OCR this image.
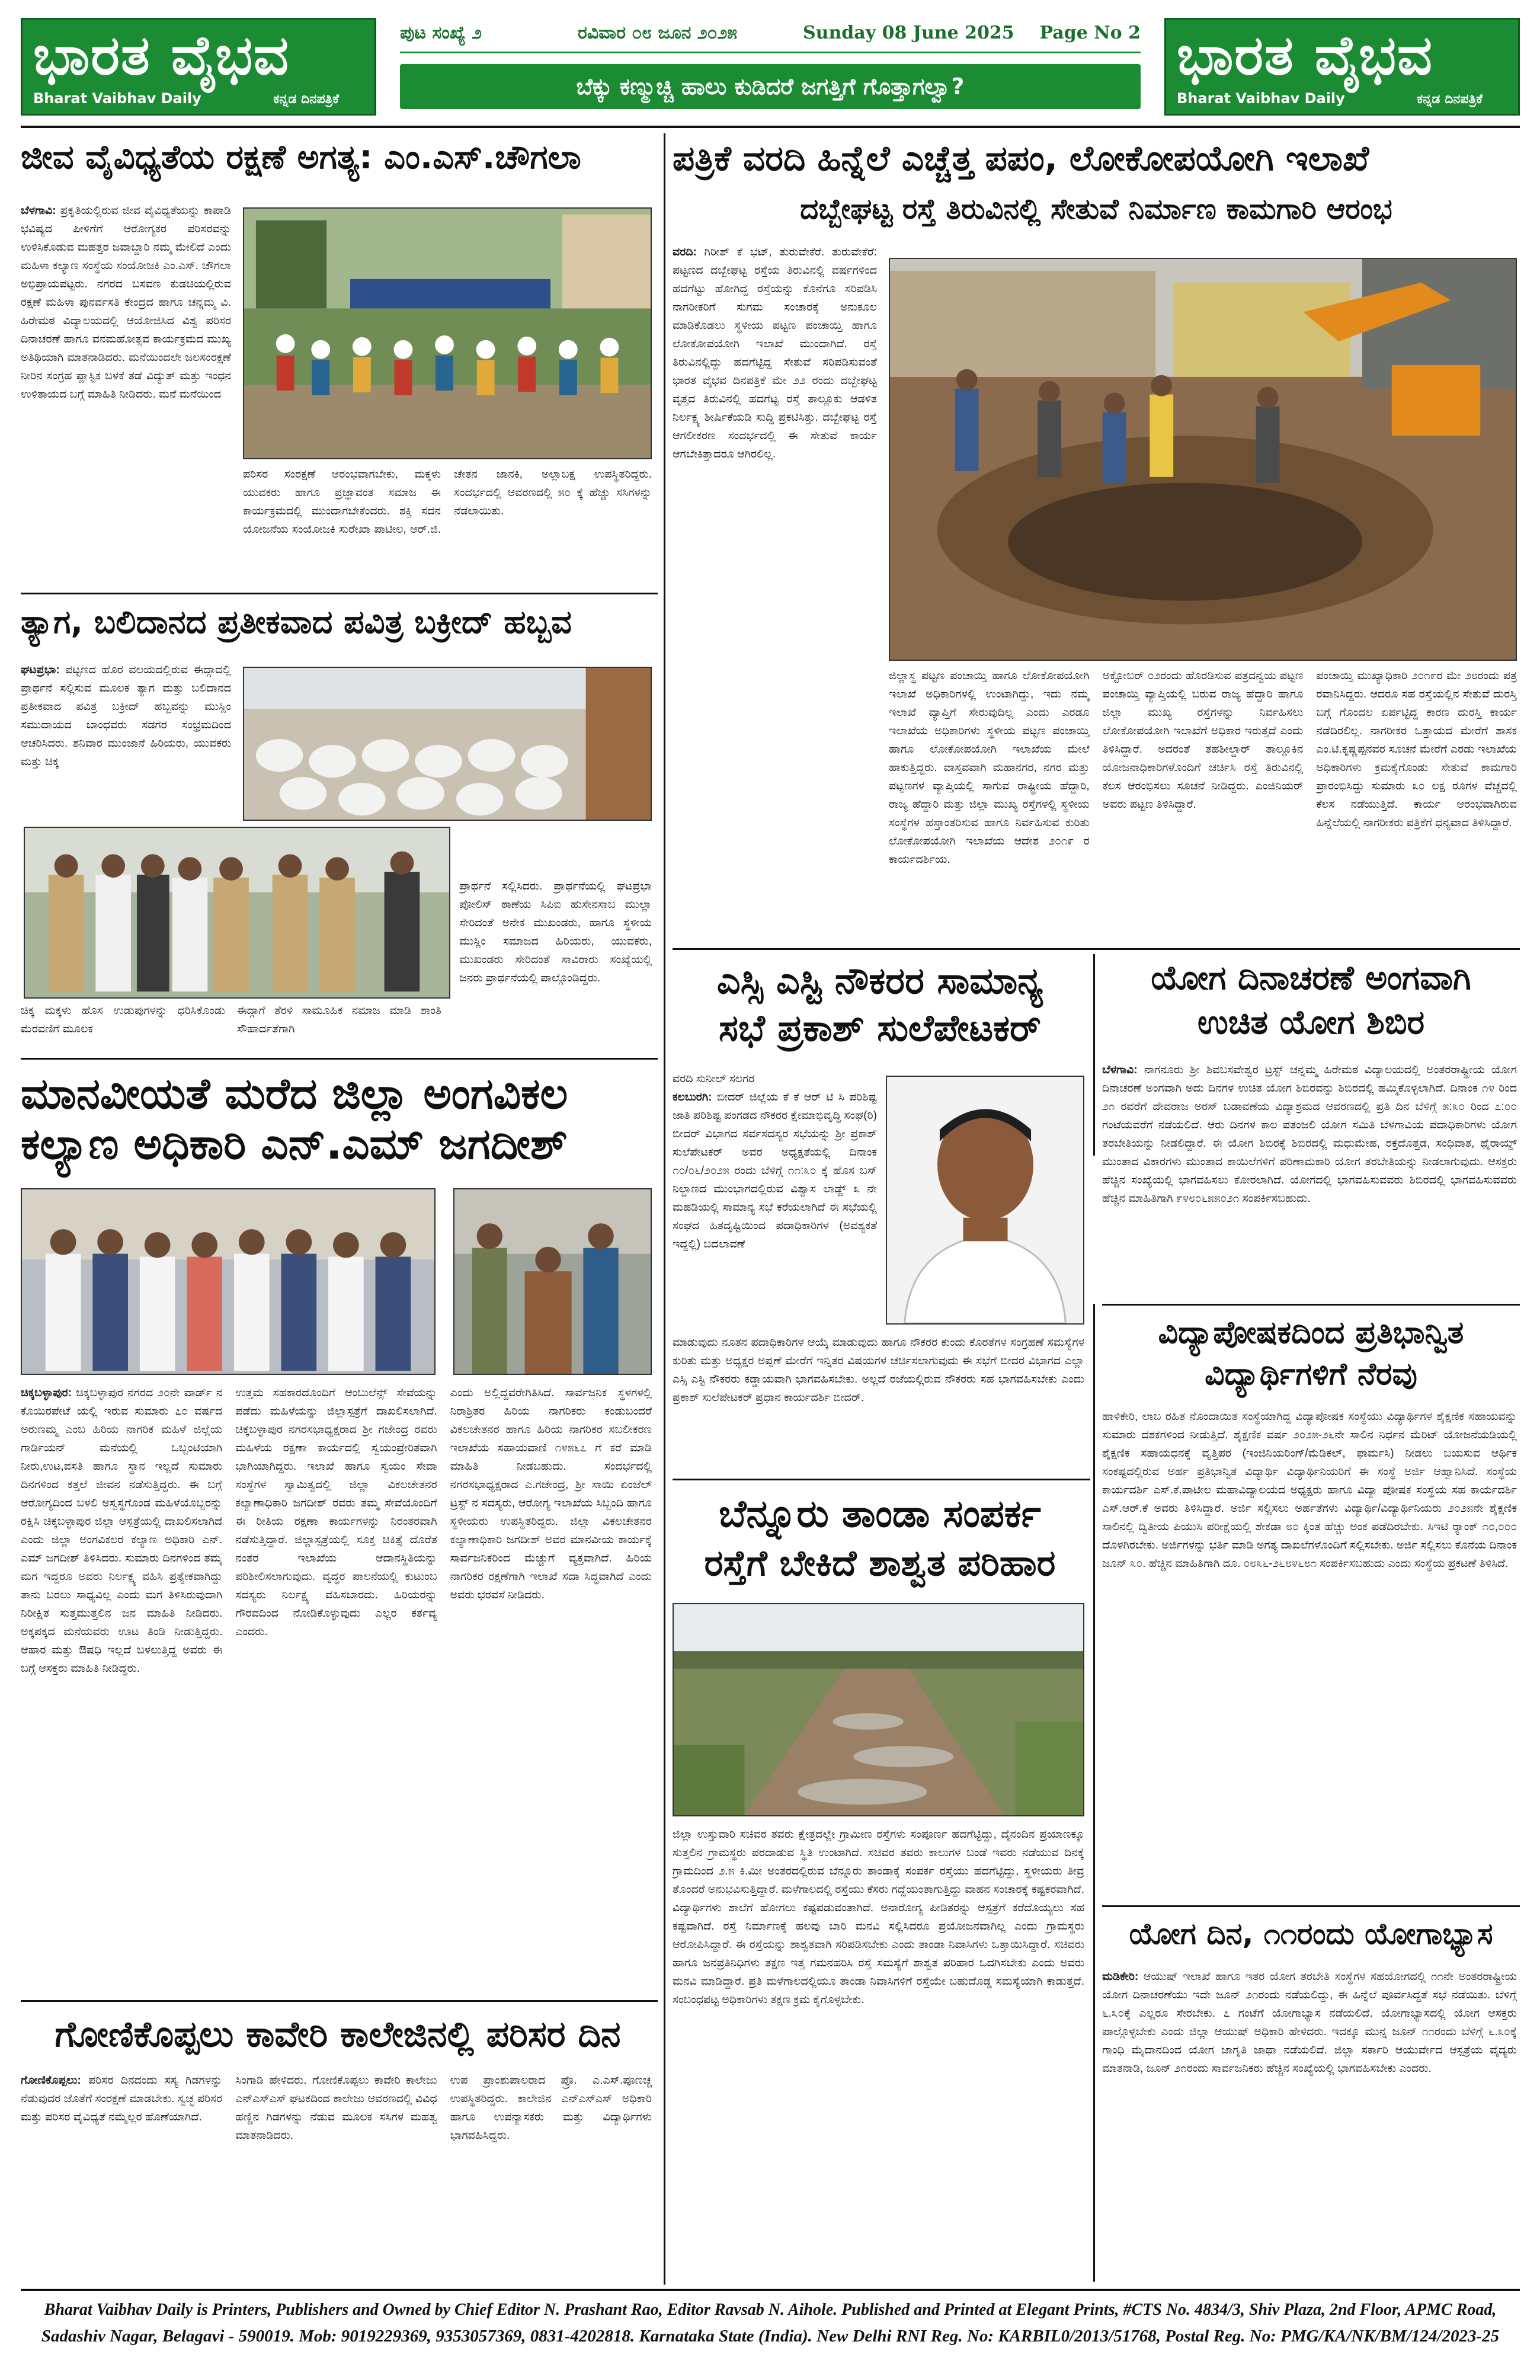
ಭಾರತ ವೈಭವ
Bharat Vaibhav Daily	ಕನ್ನಡ ದಿನಪತ್ರಿಕೆ
ಪುಟ ಸಂಖ್ಯೆ ೨	ರವಿವಾರ ೦೮ ಜೂನ ೨೦೨೫	Sunday 08 June 2025 Page No 2
ಬೆಕ್ಕು ಕಣ್ಮುಚ್ಚಿ ಹಾಲು ಕುಡಿದರೆ ಜಗತ್ತಿಗೆ ಗೊತ್ತಾಗಲ್ವಾ?	ಭಾರತ ವೈಭವ
Bharat Vaibhav Daily	ಕನ್ನಡ ದಿನಪತ್ರಿಕೆ
ಜೀವ ವೈವಿಧ್ಯತೆಯ ರಕ್ಷಣೆ ಅಗತ್ಯ: ಎಂ.ಎಸ್.ಚೌಗಲಾ
ಬೆಳಗಾವಿ: ಪ್ರಕೃತಿಯಲ್ಲಿರುವ ಜೀವ ವೈವಿಧ್ಯತೆಯನ್ನು ಕಾಪಾಡಿ ಭವಿಷ್ಯದ ಪೀಳಿಗೆಗೆ ಆರೋಗ್ಯಕರ ಪರಿಸರವನ್ನು ಉಳಿಸಿಕೊಡುವ ಮಹತ್ತರ ಜವಾಬ್ದಾರಿ ನಮ್ಮ ಮೇಲಿದೆ ಎಂದು ಮಹಿಳಾ ಕಲ್ಯಾಣ ಸಂಸ್ಥೆಯ ಸಂಯೋಜಕಿ ಎಂ.ಎಸ್. ಚೌಗಲಾ ಅಭಿಪ್ರಾಯಪಟ್ಟರು. ನಗರದ ಬಸವಣ ಕುಡಚಿಯಲ್ಲಿರುವ ರಕ್ಷಣೆ ಮಹಿಳಾ ಪುನರ್ವಸತಿ ಕೇಂದ್ರದ ಹಾಗೂ ಚನ್ನಮ್ಮ ವಿ. ಹಿರೇಮಠ ವಿದ್ಯಾಲಯದಲ್ಲಿ ಆಯೋಜಿಸಿದ ವಿಶ್ವ ಪರಿಸರ ದಿನಾಚರಣೆ ಹಾಗೂ ವನಮಹೋತ್ಸವ ಕಾರ್ಯಕ್ರಮದ ಮುಖ್ಯ ಅತಿಥಿಯಾಗಿ ಮಾತನಾಡಿದರು. ಮನೆಯಿಂದಲೇ ಜಲಸಂರಕ್ಷಣೆ ನೀರಿನ ಸಂಗ್ರಹ ಪ್ಲಾಸ್ಟಿಕ ಬಳಕೆ ತಡೆ ವಿದ್ಯುತ್ ಮತ್ತು ಇಂಧನ ಉಳಿತಾಯದ ಬಗ್ಗೆ ಮಾಹಿತಿ ನೀಡಿದರು. ಮನೆ ಮನೆಯಿಂದ
ಪರಿಸರ ಸಂರಕ್ಷಣೆ ಆರಂಭವಾಗಬೇಕು, ಮಕ್ಕಳು ಯುವಕರು ಹಾಗೂ ಪ್ರಜ್ಞಾವಂತ ಸಮಾಜ ಈ ಕಾರ್ಯಕ್ರಮದಲ್ಲಿ ಮುಂದಾಗಬೇಕೆಂದರು. ಶಕ್ತಿ ಸದನ ಯೋಜನೆಯ ಸಂಯೋಜಕಿ ಸುರೇಖಾ ಪಾಟೀಲ, ಆರ್.ಜಿ. ಚೇತನ ಜಾನಕಿ, ಅಲ್ಲಾಬಕ್ಷ ಉಪಸ್ಥಿತರಿದ್ದರು. ಸಂದರ್ಭದಲ್ಲಿ ಆವರಣದಲ್ಲಿ ೫೦ ಕ್ಕೆ ಹೆಚ್ಚು ಸಸಿಗಳನ್ನು ನೆಡಲಾಯಿತು.
ತ್ಯಾಗ, ಬಲಿದಾನದ ಪ್ರತೀಕವಾದ ಪವಿತ್ರ ಬಕ್ರೀದ್ ಹಬ್ಬವ
ಘಟಪ್ರಭಾ: ಪಟ್ಟಣದ ಹೊರ ವಲಯದಲ್ಲಿರುವ ಈದ್ಗಾದಲ್ಲಿ ಪ್ರಾರ್ಥನೆ ಸಲ್ಲಿಸುವ ಮೂಲಕ ತ್ಯಾಗ ಮತ್ತು ಬಲಿದಾನದ ಪ್ರತೀಕವಾದ ಪವಿತ್ರ ಬಕ್ರೀದ್ ಹಬ್ಬವನ್ನು ಮುಸ್ಲಿಂ ಸಮುದಾಯದ ಬಾಂಧವರು ಸಡಗರ ಸಂಭ್ರಮದಿಂದ ಆಚರಿಸಿದರು. ಶನಿವಾರ ಮುಂಜಾನೆ ಹಿರಿಯರು, ಯುವಕರು ಮತ್ತು ಚಿಕ್ಕ
ಪ್ರಾರ್ಥನೆ ಸಲ್ಲಿಸಿದರು. ಪ್ರಾರ್ಥನೆಯಲ್ಲಿ ಘಟಪ್ರಭಾ ಪೋಲಿಸ್ ಠಾಣೆಯ ಸಿಪಿಐ ಹುಸೇನಸಾಬ ಮುಲ್ಲಾ ಸೇರಿದಂತೆ ಅನೇಕ ಮುಖಂಡರು, ಹಾಗೂ ಸ್ಥಳೀಯ ಮುಸ್ಲಿಂ ಸಮಾಜದ ಹಿರಿಯರು, ಯುವಕರು, ಮುಖಂಡರು ಸೇರಿದಂತೆ ಸಾವಿರಾರು ಸಂಖ್ಯೆಯಲ್ಲಿ ಜನರು ಪ್ರಾರ್ಥನೆಯಲ್ಲಿ ಪಾಲ್ಗೊಂಡಿದ್ದರು.
ಚಿಕ್ಕ ಮಕ್ಕಳು ಹೊಸ ಉಡುಪುಗಳನ್ನು ಧರಿಸಿಕೊಂಡು ಮೆರವಣಿಗೆ ಮೂಲಕ
ಈದ್ಗಾಗೆ ತೆರಳಿ ಸಾಮೂಹಿಕ ನಮಾಜ ಮಾಡಿ ಶಾಂತಿ ಸೌಹಾರ್ದತೆಗಾಗಿ
ಮಾನವೀಯತೆ ಮರೆದ ಜಿಲ್ಲಾ ಅಂಗವಿಕಲ
ಕಲ್ಯಾಣ ಅಧಿಕಾರಿ ಎನ್.ಎಮ್ ಜಗದೀಶ್
ಚಿಕ್ಕಬಳ್ಳಾಪುರ: ಚಿಕ್ಕಬಳ್ಳಾಪುರ ನಗರದ ೨೦ನೇ ವಾರ್ಡ್ ನ ಕೊಯಿರಪೇಟೆ ಯಲ್ಲಿ ಇರುವ ಸುಮಾರು ೭೦ ವರ್ಷದ ಅರುಣಮ್ಮ ಎಂಬ ಹಿರಿಯ ನಾಗರಿಕ ಮಹಿಳೆ ಜಿಲ್ಲೆಯ ಗಾರ್ಡಿಯನ್ ಮನೆಯಲ್ಲಿ ಒಬ್ಬಂಟಿಯಾಗಿ ನೀರು,ಉಟ,ವಸತಿ ಹಾಗೂ ಸ್ಥಾನ ಇಲ್ಲದೆ ಸುಮಾರು ದಿನಗಳಿಂದ ಕತ್ತಲೆ ಜೀವನ ನಡೆಸುತ್ತಿದ್ದರು. ಈ ಬಗ್ಗೆ ಆರೋಗ್ಯದಿಂದ ಬಳಲಿ ಅಸ್ವಸ್ಥಗೊಂಡ ಮಹಿಳೆಯೊಬ್ಬರನ್ನು ರಕ್ಷಿಸಿ ಚಿಕ್ಕಬಳ್ಳಾಪುರ ಜಿಲ್ಲಾ ಆಸ್ಪತ್ರೆಯಲ್ಲಿ ದಾಖಲಿಸಲಾಗಿದೆ ಎಂದು ಜಿಲ್ಲಾ ಅಂಗವಿಕಲರ ಕಲ್ಯಾಣ ಅಧಿಕಾರಿ ಎನ್. ಎಮ್ ಜಗದೀಶ್ ತಿಳಿಸಿದರು. ಸುಮಾರು ದಿನಗಳಿಂದ ತಮ್ಮ ಮಗ ಇದ್ದರೂ ಅವರು ನಿರ್ಲಕ್ಷ್ಯ ವಹಿಸಿ ಪ್ರತ್ಯೇಕವಾಗಿದ್ದು ತಾನು ಬರಲು ಸಾಧ್ಯವಿಲ್ಲ ಎಂದು ಮಗ ತಿಳಿಸಿರುವುದಾಗಿ ನಿರೀಕ್ಷಿತ ಸುತ್ತಮುತ್ತಲಿನ ಜನ ಮಾಹಿತಿ ನೀಡಿದರು. ಅಕ್ಕಪಕ್ಕದ ಮನೆಯವರು ಊಟ ತಿಂಡಿ ನೀಡುತ್ತಿದ್ದರು. ಆಹಾರ ಮತ್ತು ಔಷಧಿ ಇಲ್ಲದೆ ಬಳಲುತ್ತಿದ್ದ ಅವರು ಈ ಬಗ್ಗೆ ಆಸಕ್ತರು ಮಾಹಿತಿ ನೀಡಿದ್ದರು.
ಉತ್ತಮ ಸಹಕಾರದೊಂದಿಗೆ ಆಂಬುಲೆನ್ಸ್ ಸೇವೆಯನ್ನು ಪಡೆದು ಮಹಿಳೆಯನ್ನು ಜಿಲ್ಲಾಸ್ಪತ್ರೆಗೆ ದಾಖಲಿಸಲಾಗಿದೆ. ಚಿಕ್ಕಬಳ್ಳಾಪುರ ನಗರಸಭಾಧ್ಯಕ್ಷರಾದ ಶ್ರೀ ಗಜೇಂದ್ರ ರವರು ಮಹಿಳೆಯ ರಕ್ಷಣಾ ಕಾರ್ಯದಲ್ಲಿ ಸ್ವಯಂಪ್ರೇರಿತವಾಗಿ ಭಾಗಿಯಾಗಿದ್ದರು. ಇಲಾಖೆ ಹಾಗೂ ಸ್ವಯಂ ಸೇವಾ ಸಂಸ್ಥೆಗಳ ಸ್ವಾಮಿತ್ವದಲ್ಲಿ ಜಿಲ್ಲಾ ವಿಕಲಚೇತನರ ಕಲ್ಯಾಣಾಧಿಕಾರಿ ಜಗದೀಶ್ ರವರು ತಮ್ಮ ಸೇವೆಯೊಂದಿಗೆ ಈ ರೀತಿಯ ರಕ್ಷಣಾ ಕಾರ್ಯಗಳನ್ನು ನಿರಂತರವಾಗಿ ನಡೆಸುತ್ತಿದ್ದಾರೆ. ಜಿಲ್ಲಾಸ್ಪತ್ರೆಯಲ್ಲಿ ಸೂಕ್ತ ಚಿಕಿತ್ಸೆ ದೊರೆತ ನಂತರ ಇಲಾಖೆಯ ಆದಾನಸ್ಥಿತಿಯನ್ನು ಪರಿಶೀಲಿಸಲಾಗುವುದು. ವೃದ್ಧರ ಪಾಲನೆಯಲ್ಲಿ ಕುಟುಂಬ ಸದಸ್ಯರು ನಿರ್ಲಕ್ಷ್ಯ ವಹಿಸಬಾರದು. ಹಿರಿಯರನ್ನು ಗೌರವದಿಂದ ನೋಡಿಕೊಳ್ಳುವುದು ಎಲ್ಲರ ಕರ್ತವ್ಯ ಎಂದರು.
ಎಂದು ಅಲ್ಲಿದ್ದವರೇಗಿತಿಸಿದೆ. ಸಾರ್ವಜನಿಕ ಸ್ಥಳಗಳಲ್ಲಿ ನಿರಾಶ್ರಿತರ ಹಿರಿಯ ನಾಗರಿಕರು ಕಂಡುಬಂದರೆ ವಿಕಲಚೇತನರ ಹಾಗೂ ಹಿರಿಯ ನಾಗರಿಕರ ಸಬಲೀಕರಣ ಇಲಾಖೆಯ ಸಹಾಯವಾಣಿ ೧೪೫೬೭ ಗೆ ಕರೆ ಮಾಡಿ ಮಾಹಿತಿ ನೀಡಬಹುದು. ಸಂದರ್ಭದಲ್ಲಿ ನಗರಸಭಾಧ್ಯಕ್ಷರಾದ ಎ.ಗಜೇಂದ್ರ, ಶ್ರೀ ಸಾಯಿ ಏಂಜೆಲ್ ಟ್ರಸ್ಟ್ ನ ಸದಸ್ಯರು, ಆರೋಗ್ಯ ಇಲಾಖೆಯ ಸಿಬ್ಬಂದಿ ಹಾಗೂ ಸ್ಥಳೀಯರು ಉಪಸ್ಥಿತರಿದ್ದರು. ಜಿಲ್ಲಾ ವಿಕಲಚೇತನರ ಕಲ್ಯಾಣಾಧಿಕಾರಿ ಜಗದೀಶ್ ಅವರ ಮಾನವೀಯ ಕಾರ್ಯಕ್ಕೆ ಸಾರ್ವಜನಿಕರಿಂದ ಮೆಚ್ಚುಗೆ ವ್ಯಕ್ತವಾಗಿದೆ. ಹಿರಿಯ ನಾಗರಿಕರ ರಕ್ಷಣೆಗಾಗಿ ಇಲಾಖೆ ಸದಾ ಸಿದ್ಧವಾಗಿದೆ ಎಂದು ಅವರು ಭರವಸೆ ನೀಡಿದರು.
ಗೋಣಿಕೊಪ್ಪಲು ಕಾವೇರಿ ಕಾಲೇಜಿನಲ್ಲಿ ಪರಿಸರ ದಿನ
ಗೋಣಿಕೊಪ್ಪಲು: ಪರಿಸರ ದಿನದಂದು ಸಸ್ಯ ಗಿಡಗಳನ್ನು ನೆಡುವುದರ ಜೊತೆಗೆ ಸಂರಕ್ಷಣೆ ಮಾಡಬೇಕು. ಸ್ವಚ್ಛ ಪರಿಸರ ಮತ್ತು ಪರಿಸರ ವೈವಿಧ್ಯತೆ ನಮ್ಮೆಲ್ಲರ ಹೊಣೆಯಾಗಿದೆ.
ಸಿಂಗಾಡಿ ಹೇಳಿದರು. ಗೋಣಿಕೊಪ್ಪಲು ಕಾವೇರಿ ಕಾಲೇಜು ಎನ್ಎಸ್ಎಸ್ ಘಟಕದಿಂದ ಕಾಲೇಜು ಆವರಣದಲ್ಲಿ ವಿವಿಧ ಹಣ್ಣಿನ ಗಿಡಗಳನ್ನು ನೆಡುವ ಮೂಲಕ ಸಸಿಗಳ ಮಹತ್ವ ಮಾತನಾಡಿದರು.
ಉಪ ಪ್ರಾಂಶುಪಾಲರಾದ ಪ್ರೊ. ಎ.ಎಸ್.ಪೂಣಚ್ಚ ಉಪಸ್ಥಿತರಿದ್ದರು. ಕಾಲೇಜಿನ ಎನ್ಎಸ್ಎಸ್ ಅಧಿಕಾರಿ ಹಾಗೂ ಉಪನ್ಯಾಸಕರು ಮತ್ತು ವಿದ್ಯಾರ್ಥಿಗಳು ಭಾಗವಹಿಸಿದ್ದರು.
ಪತ್ರಿಕೆ ವರದಿ ಹಿನ್ನೆಲೆ ಎಚ್ಚೆತ್ತ ಪಪಂ, ಲೋಕೋಪಯೋಗಿ ಇಲಾಖೆ
ದಬ್ಬೇಘಟ್ಟ ರಸ್ತೆ ತಿರುವಿನಲ್ಲಿ ಸೇತುವೆ ನಿರ್ಮಾಣ ಕಾಮಗಾರಿ ಆರಂಭ
ವರದಿ: ಗಿರೀಶ್ ಕೆ ಭಟ್, ತುರುವೇಕೆರೆ. ತುರುವೇಕೆರೆ: ಪಟ್ಟಣದ ದಬ್ಬೇಘಟ್ಟ ರಸ್ತೆಯ ತಿರುವಿನಲ್ಲಿ ವರ್ಷಗಳಿಂದ ಹದಗೆಟ್ಟು ಹೋಗಿದ್ದ ರಸ್ತೆಯನ್ನು ಕೊನೆಗೂ ಸರಿಪಡಿಸಿ ನಾಗರೀಕರಿಗೆ ಸುಗಮ ಸಂಚಾರಕ್ಕೆ ಅನುಕೂಲ ಮಾಡಿಕೊಡಲು ಸ್ಥಳೀಯ ಪಟ್ಟಣ ಪಂಚಾಯ್ತಿ ಹಾಗೂ ಲೋಕೋಪಯೋಗಿ ಇಲಾಖೆ ಮುಂದಾಗಿದೆ. ರಸ್ತೆ ತಿರುವಿನಲ್ಲಿದ್ದು ಹದಗೆಟ್ಟಿದ್ದ ಸೇತುವೆ ಸರಿಪಡಿಸುವಂತೆ ಭಾರತ ವೈಭವ ದಿನಪತ್ರಿಕೆ ಮೇ ೨೨ ರಂದು ದಬ್ಬೇಘಟ್ಟ ವೃತ್ತದ ತಿರುವಿನಲ್ಲಿ ಹದಗೆಟ್ಟ ರಸ್ತೆ ತಾಲ್ಲೂಕು ಆಡಳಿತ ನಿರ್ಲಕ್ಷ್ಯ ಶೀರ್ಷಿಕೆಯಡಿ ಸುದ್ದಿ ಪ್ರಕಟಿಸಿತ್ತು. ದಬ್ಬೇಘಟ್ಟ ರಸ್ತೆ ಆಗಲೀಕರಣ ಸಂದರ್ಭದಲ್ಲಿ ಈ ಸೇತುವೆ ಕಾರ್ಯ ಆಗಬೇಕಿತ್ತಾದರೂ ಆಗಿರಲಿಲ್ಲ.
ಜಿಲ್ಲಾಸ್ಥ ಪಟ್ಟಣ ಪಂಚಾಯ್ತಿ ಹಾಗೂ ಲೋಕೋಪಯೋಗಿ ಇಲಾಖೆ ಅಧಿಕಾರಿಗಳಲ್ಲಿ ಉಂಟಾಗಿದ್ದು, ಇದು ನಮ್ಮ ಇಲಾಖೆ ವ್ಯಾಪ್ತಿಗೆ ಸೇರುವುದಿಲ್ಲ ಎಂದು ಎರಡೂ ಇಲಾಖೆಯ ಅಧಿಕಾರಿಗಳು ಸ್ಥಳೀಯ ಪಟ್ಟಣ ಪಂಚಾಯ್ತಿ ಹಾಗೂ ಲೋಕೋಪಯೋಗಿ ಇಲಾಖೆಯ ಮೇಲೆ ಹಾಕುತ್ತಿದ್ದರು. ವಾಸ್ತವವಾಗಿ ಮಹಾನಗರ, ನಗರ ಮತ್ತು ಪಟ್ಟಣಗಳ ವ್ಯಾಪ್ತಿಯಲ್ಲಿ ಸಾಗುವ ರಾಷ್ಟ್ರೀಯ ಹೆದ್ದಾರಿ, ರಾಜ್ಯ ಹೆದ್ದಾರಿ ಮತ್ತು ಜಿಲ್ಲಾ ಮುಖ್ಯ ರಸ್ತೆಗಳಲ್ಲಿ ಸ್ಥಳೀಯ ಸಂಸ್ಥೆಗಳ ಹಸ್ತಾಂತರಿಸುವ ಹಾಗೂ ನಿರ್ವಹಿಸುವ ಕುರಿತು ಲೋಕೋಪಯೋಗಿ ಇಲಾಖೆಯ ಆದೇಶ ೨೦೧೯ ರ ಕಾರ್ಯದರ್ಶಿಯ.
ಅಕ್ಟೋಬರ್ ೦೨ರಂದು ಹೊರಡಿಸುವ ಪತ್ರದನ್ವಯ ಪಟ್ಟಣ ಪಂಚಾಯ್ತಿ ವ್ಯಾಪ್ತಿಯಲ್ಲಿ ಬರುವ ರಾಜ್ಯ ಹೆದ್ದಾರಿ ಹಾಗೂ ಜಿಲ್ಲಾ ಮುಖ್ಯ ರಸ್ತೆಗಳನ್ನು ನಿರ್ವಹಿಸಲು ಲೋಕೋಪಯೋಗಿ ಇಲಾಖೆಗೆ ಅಧಿಕಾರ ಇರುತ್ತದೆ ಎಂದು ತಿಳಿಸಿದ್ದಾರೆ. ಅದರಂತೆ ತಹಶೀಲ್ದಾರ್ ತಾಲ್ಲೂಕಿನ ಯೋಜನಾಧಿಕಾರಿಗಳೊಂದಿಗೆ ಚರ್ಚಿಸಿ ರಸ್ತೆ ತಿರುವಿನಲ್ಲಿ ಕೆಲಸ ಆರಂಭಿಸಲು ಸೂಚನೆ ನೀಡಿದ್ದರು. ಎಂಜಿನಿಯರ್ ಅವರು ಪಟ್ಟಣ ತಿಳಿಸಿದ್ದಾರೆ.
ಪಂಚಾಯ್ತಿ ಮುಖ್ಯಾಧಿಕಾರಿ ೨೦೧೯ರ ಮೇ ೨೮ರಂದು ಪತ್ರ ರವಾನಿಸಿದ್ದರು. ಆದರೂ ಸಹ ರಸ್ತೆಯಲ್ಲಿನ ಸೇತುವೆ ದುರಸ್ತಿ ಬಗ್ಗೆ ಗೊಂದಲ ಏರ್ಪಟ್ಟಿದ್ದ ಕಾರಣ ದುರಸ್ತಿ ಕಾರ್ಯ ನಡೆದಿರಲಿಲ್ಲ. ನಾಗರೀಕರ ಒತ್ತಾಯದ ಮೇರೆಗೆ ಶಾಸಕ ಎಂ.ಟಿ.ಕೃಷ್ಣಪ್ಪನವರ ಸೂಚನೆ ಮೇರೆಗೆ ಎರಡು ಇಲಾಖೆಯ ಅಧಿಕಾರಿಗಳು ಕ್ರಮಕೈಗೊಂಡು ಸೇತುವೆ ಕಾಮಗಾರಿ ಪ್ರಾರಂಭಿಸಿದ್ದು ಸುಮಾರು ೩೦ ಲಕ್ಷ ರೂಗಳ ವೆಚ್ಚದಲ್ಲಿ ಕೆಲಸ ನಡೆಯುತ್ತಿದೆ. ಕಾರ್ಯ ಆರಂಭವಾಗಿರುವ ಹಿನ್ನೆಲೆಯಲ್ಲಿ ನಾಗರೀಕರು ಪತ್ರಿಕೆಗೆ ಧನ್ಯವಾದ ತಿಳಿಸಿದ್ದಾರೆ.
ಎಸ್ಸಿ ಎಸ್ಟಿ ನೌಕರರ ಸಾಮಾನ್ಯ
ಸಭೆ ಪ್ರಕಾಶ್ ಸುಲೆಪೇಟಕರ್
ವರದಿ ಸುನೀಲ್ ಸಲಗರ
ಕಲಬುರಗಿ: ಬೀದರ್ ಜಿಲ್ಲೆಯ ಕೆ ಕೆ ಆರ್ ಟಿ ಸಿ ಪರಿಶಿಷ್ಟ ಜಾತಿ ಪರಿಶಿಷ್ಟ ಪಂಗಡದ ನೌಕರರ ಕ್ಷೇಮಾಭಿವೃದ್ಧಿ ಸಂಘ(ರಿ) ಬೀದರ್ ವಿಭಾಗದ ಸರ್ವಸದಸ್ಯರ ಸಭೆಯನ್ನು ಶ್ರೀ ಪ್ರಕಾಶ್ ಸುಲೆಪೇಟಕರ್ ಅವರ ಅಧ್ಯಕ್ಷತೆಯಲ್ಲಿ ದಿನಾಂಕ ೧೦/೦೬/೨೦೨೫ ರಂದು ಬೆಳಿಗ್ಗೆ ೧೧:೩೦ ಕ್ಕೆ ಹೊಸ ಬಸ್ ನಿಲ್ದಾಣದ ಮುಂಭಾಗದಲ್ಲಿರುವ ವಿಶ್ವಾಸ ಲಾಡ್ಜ್ ೩ ನೇ ಮಹಡಿಯಲ್ಲಿ ಸಾಮಾನ್ಯ ಸಭೆ ಕರೆಯಲಾಗಿದೆ ಈ ಸಭೆಯಲ್ಲಿ ಸಂಘದ ಹಿತದೃಷ್ಟಿಯಿಂದ ಪದಾಧಿಕಾರಿಗಳ (ಅವಶ್ಯಕತೆ ಇದ್ದಲ್ಲಿ) ಬದಲಾವಣೆ
ಮಾಡುವುದು ನೂತನ ಪದಾಧಿಕಾರಿಗಳ ಆಯ್ಕೆ ಮಾಡುವುದು ಹಾಗೂ ನೌಕರರ ಕುಂದು ಕೊರತೆಗಳ ಸಂಗ್ರಹಣೆ ಸಮಸ್ಯೆಗಳ ಕುರಿತು ಮತ್ತು ಅಧ್ಯಕ್ಷರ ಅಪ್ಪಣೆ ಮೇರೆಗೆ ಇನ್ನಿತರ ವಿಷಯಗಳ ಚರ್ಚಿಸಲಾಗುವುದು ಈ ಸಭೆಗೆ ಬೀದರ ವಿಭಾಗದ ಎಲ್ಲಾ ಎಸ್ಸಿ ಎಸ್ಟಿ ನೌಕರರು ಕಡ್ಡಾಯವಾಗಿ ಭಾಗವಹಿಸಬೇಕು. ಅಲ್ಲದೆ ರಜೆಯಲ್ಲಿರುವ ನೌಕರರು ಸಹ ಭಾಗವಹಿಸಬೇಕು ಎಂದು ಪ್ರಕಾಶ್ ಸುಲೆಪೇಟಕರ್ ಪ್ರಧಾನ ಕಾರ್ಯದರ್ಶಿ ಬೀದರ್.
ಯೋಗ ದಿನಾಚರಣೆ ಅಂಗವಾಗಿ
ಉಚಿತ ಯೋಗ ಶಿಬಿರ
ಬೆಳಗಾವಿ: ನಾಗನೂರು ಶ್ರೀ ಶಿವಬಸವೇಶ್ವರ ಟ್ರಸ್ಟ್ ಚನ್ನಮ್ಮ ಹಿರೇಮಠ ವಿದ್ಯಾಲಯದಲ್ಲಿ ಅಂತರರಾಷ್ಟ್ರೀಯ ಯೋಗ ದಿನಾಚರಣೆ ಅಂಗವಾಗಿ ಅದು ದಿನಗಳ ಉಚಿತ ಯೋಗ ಶಿಬಿರವನ್ನು ಶಿಬಿರದಲ್ಲಿ ಹಮ್ಮಿಕೊಳ್ಳಲಾಗಿದೆ. ದಿನಾಂಕ ೧೪ ರಿಂದ ೨೧ ರವರೆಗೆ ದೇವರಾಜ ಅರಸ್ ಬಡಾವಣೆಯ ವಿದ್ಯಾಶ್ರಮದ ಆವರಣದಲ್ಲಿ ಪ್ರತಿ ದಿನ ಬೆಳಿಗ್ಗೆ ೫:೩೦ ರಿಂದ ೭:೦೦ ಗಂಟೆಯವರೆಗೆ ನಡೆಯಲಿದೆ. ಆರು ದಿನಗಳ ಕಾಲ ಪತಂಜಲಿ ಯೋಗ ಸಮಿತಿ ಬೆಳಗಾವಿಯ ಪದಾಧಿಕಾರಿಗಳು ಯೋಗ ತರಬೇತಿಯನ್ನು ನೀಡಲಿದ್ದಾರೆ. ಈ ಯೋಗ ಶಿಬಿರಕ್ಕೆ ಶಿಬಿರದಲ್ಲಿ ಮಧುಮೇಹ, ರಕ್ತದೊತ್ತಡ, ಸಂಧಿವಾತ, ಥೈರಾಯ್ಡ್ ಮುಂತಾದ ವಿಕಾರಗಳು ಮುಂತಾದ ಕಾಯಿಲೆಗಳಿಗೆ ಪರಿಣಾಮಕಾರಿ ಯೋಗ ತರಬೇತಿಯನ್ನು ನೀಡಲಾಗುವುದು. ಆಸಕ್ತರು ಹೆಚ್ಚಿನ ಸಂಖ್ಯೆಯಲ್ಲಿ ಭಾಗವಹಿಸಲು ಕೋರಲಾಗಿದೆ. ಯೋಗದಲ್ಲಿ ಭಾಗವಹಿಸುವವರು ಶಿಬಿರದಲ್ಲಿ ಭಾಗವಹಿಸುವವರು ಹೆಚ್ಚಿನ ಮಾಹಿತಿಗಾಗಿ ೯೪೮೦೬೫೫೦೨೧ ಸಂಪರ್ಕಿಸಬಹುದು.
ವಿದ್ಯಾಪೋಷಕದಿಂದ ಪ್ರತಿಭಾನ್ವಿತ
ವಿದ್ಯಾರ್ಥಿಗಳಿಗೆ ನೆರವು
ಹಾಳಿಕೇರಿ, ಲಾಬ ರಹಿತ ನೊಂದಾಯಿತ ಸಂಸ್ಥೆಯಾಗಿದ್ದ ವಿದ್ಯಾಪೋಷಕ ಸಂಸ್ಥೆಯು ವಿದ್ಯಾರ್ಥಿಗಳ ಶೈಕ್ಷಣಿಕ ಸಹಾಯವನ್ನು ಸುಮಾರು ದಶಕಗಳಿಂದ ನೀಡುತ್ತಿದೆ. ಶೈಕ್ಷಣಿಕ ವರ್ಷ ೨೦೨೫-೨೬ನೇ ಸಾಲಿನ ನಿರ್ಧನ ಮೆರಿಟ್ ಯೋಜನೆಯಡಿಯಲ್ಲಿ ಶೈಕ್ಷಣಿಕ ಸಹಾಯಧನಕ್ಕೆ ವೃತ್ತಿಪರ (ಇಂಜಿನಿಯರಿಂಗ್/ಮೆಡಿಕಲ್, ಫಾರ್ಮಸಿ) ನೀಡಲು ಬಯಸುವ ಆರ್ಥಿಕ ಸಂಕಷ್ಟದಲ್ಲಿರುವ ಅರ್ಹ ಪ್ರತಿಭಾನ್ವಿತ ವಿದ್ಯಾರ್ಥಿ ವಿದ್ಯಾರ್ಥಿನಿಯರಿಗೆ ಈ ಸಂಸ್ಥೆ ಅರ್ಜಿ ಆಹ್ವಾನಿಸಿದೆ. ಸಂಸ್ಥೆಯ ಕಾರ್ಯದರ್ಶಿ ಎಸ್.ಕೆ.ಪಾಟೀಲ ಮಹಾವಿದ್ಯಾಲಯದ ಅಧ್ಯಕ್ಷರು ಹಾಗೂ ವಿದ್ಯಾ ಪೋಷಕ ಸಂಸ್ಥೆಯ ಸಹ ಕಾರ್ಯದರ್ಶಿ ಎಸ್.ಆರ್.ಕೆ ಅವರು ತಿಳಿಸಿದ್ದಾರೆ. ಅರ್ಜಿ ಸಲ್ಲಿಸಲು ಅರ್ಹತೆಗಳು ವಿದ್ಯಾರ್ಥಿ/ವಿದ್ಯಾರ್ಥಿನಿಯರು ೨೦೨೫ನೇ ಶೈಕ್ಷಣಿಕ ಸಾಲಿನಲ್ಲಿ ದ್ವಿತೀಯ ಪಿಯುಸಿ ಪರೀಕ್ಷೆಯಲ್ಲಿ ಶೇಕಡಾ ೮೦ ಕ್ಕಿಂತ ಹೆಚ್ಚು ಅಂಕ ಪಡೆದಿರಬೇಕು. ಸಿಇಟಿ ರ್‍ಯಾಂಕ್ ೧೦,೦೦೦ ದೊಳಗಿರಬೇಕು. ಅರ್ಜಿಗಳನ್ನು ಭರ್ತಿ ಮಾಡಿ ಅಗತ್ಯ ದಾಖಲೆಗಳೊಂದಿಗೆ ಸಲ್ಲಿಸಬೇಕು. ಅರ್ಜಿ ಸಲ್ಲಿಸಲು ಕೊನೆಯ ದಿನಾಂಕ ಜೂನ್ ೩೦. ಹೆಚ್ಚಿನ ಮಾಹಿತಿಗಾಗಿ ದೂ. ೦೮೩೬-೨೬೮೪೬೮೧ ಸಂಪರ್ಕಿಸಬಹುದು ಎಂದು ಸಂಸ್ಥೆಯ ಪ್ರಕಟಣೆ ತಿಳಿಸಿದೆ.
ಯೋಗ ದಿನ, ೧೧ರಂದು ಯೋಗಾಭ್ಯಾಸ
ಮಡಿಕೇರಿ: ಆಯುಷ್ ಇಲಾಖೆ ಹಾಗೂ ಇತರ ಯೋಗ ತರಬೇತಿ ಸಂಸ್ಥೆಗಳ ಸಹಯೋಗದಲ್ಲಿ ೧೧ನೇ ಅಂತರರಾಷ್ಟ್ರೀಯ ಯೋಗ ದಿನಾಚರಣೆಯು ಇದೇ ಜೂನ್ ೨೧ರಂದು ನಡೆಯಲಿದ್ದು, ಈ ಹಿನ್ನೆಲೆ ಪೂರ್ವಸಿದ್ಧತೆ ಸಭೆ ನಡೆಯಿತು. ಬೆಳಿಗ್ಗೆ ೬.೩೦ಕ್ಕೆ ಎಲ್ಲರೂ ಸೇರಬೇಕು. ೭ ಗಂಟೆಗೆ ಯೋಗಾಭ್ಯಾಸ ನಡೆಯಲಿದೆ. ಯೋಗಾಭ್ಯಾಸದಲ್ಲಿ ಯೋಗ ಆಸಕ್ತರು ಪಾಲ್ಗೊಳ್ಳಬೇಕು ಎಂದು ಜಿಲ್ಲಾ ಆಯುಷ್ ಅಧಿಕಾರಿ ಹೇಳಿದರು. ಇದಕ್ಕೂ ಮುನ್ನ ಜೂನ್ ೧೧ರಂದು ಬೆಳಿಗ್ಗೆ ೬.೩೦ಕ್ಕೆ ಗಾಂಧಿ ಮೈದಾನದಿಂದ ಯೋಗ ಜಾಗೃತಿ ಜಾಥಾ ನಡೆಯಲಿದೆ. ಜಿಲ್ಲಾ ಸರ್ಕಾರಿ ಆಯುರ್ವೇದ ಆಸ್ಪತ್ರೆಯ ವೈದ್ಯರು ಮಾತನಾಡಿ, ಜೂನ್ ೨೧ರಂದು ಸಾರ್ವಜನಿಕರು ಹೆಚ್ಚಿನ ಸಂಖ್ಯೆಯಲ್ಲಿ ಭಾಗವಹಿಸಬೇಕು ಎಂದರು.
ಬೆನ್ನೂರು ತಾಂಡಾ ಸಂಪರ್ಕ
ರಸ್ತೆಗೆ ಬೇಕಿದೆ ಶಾಶ್ವತ ಪರಿಹಾರ
ಜಿಲ್ಲಾ ಉಸ್ತುವಾರಿ ಸಚಿವರ ತವರು ಕ್ಷೇತ್ರದಲ್ಲೇ ಗ್ರಾಮೀಣ ರಸ್ತೆಗಳು ಸಂಪೂರ್ಣ ಹದಗೆಟ್ಟಿದ್ದು, ದೈನಂದಿನ ಪ್ರಯಾಣಕ್ಕೂ ಸುತ್ತಲಿನ ಗ್ರಾಮಸ್ಥರು ಪರದಾಡುವ ಸ್ಥಿತಿ ಉಂಟಾಗಿದೆ. ಸಚಿವರ ತವರು ಕಾಲುಗಳ ಬಂಡೆ ಇವರು ನಡೆಯುವ ದಿನಕ್ಕೆ ಗ್ರಾಮದಿಂದ ೨.೫ ಕಿ.ಮೀ ಅಂತರದಲ್ಲಿರುವ ಬೆನ್ನೂರು ತಾಂಡಾಕ್ಕೆ ಸಂಪರ್ಕ ರಸ್ತೆಯು ಹದಗೆಟ್ಟಿದ್ದು, ಸ್ಥಳೀಯರು ತೀವ್ರ ತೊಂದರೆ ಅನುಭವಿಸುತ್ತಿದ್ದಾರೆ. ಮಳೆಗಾಲದಲ್ಲಿ ರಸ್ತೆಯು ಕೆಸರು ಗದ್ದೆಯಂತಾಗುತ್ತಿದ್ದು ವಾಹನ ಸಂಚಾರಕ್ಕೆ ಕಷ್ಟಕರವಾಗಿದೆ. ವಿದ್ಯಾರ್ಥಿಗಳು ಶಾಲೆಗೆ ಹೋಗಲು ಕಷ್ಟಪಡುವಂತಾಗಿದೆ. ಅನಾರೋಗ್ಯ ಪೀಡಿತರನ್ನು ಆಸ್ಪತ್ರೆಗೆ ಕರೆದೊಯ್ಯಲು ಸಹ ಕಷ್ಟವಾಗಿದೆ. ರಸ್ತೆ ನಿರ್ಮಾಣಕ್ಕೆ ಹಲವು ಬಾರಿ ಮನವಿ ಸಲ್ಲಿಸಿದರೂ ಪ್ರಯೋಜನವಾಗಿಲ್ಲ ಎಂದು ಗ್ರಾಮಸ್ಥರು ಆರೋಪಿಸಿದ್ದಾರೆ. ಈ ರಸ್ತೆಯನ್ನು ಶಾಶ್ವತವಾಗಿ ಸರಿಪಡಿಸಬೇಕು ಎಂದು ತಾಂಡಾ ನಿವಾಸಿಗಳು ಒತ್ತಾಯಿಸಿದ್ದಾರೆ. ಸಚಿವರು ಹಾಗೂ ಜನಪ್ರತಿನಿಧಿಗಳು ತಕ್ಷಣ ಇತ್ತ ಗಮನಹರಿಸಿ ರಸ್ತೆ ಸಮಸ್ಯೆಗೆ ಶಾಶ್ವತ ಪರಿಹಾರ ಒದಗಿಸಬೇಕು ಎಂದು ಅವರು ಮನವಿ ಮಾಡಿದ್ದಾರೆ. ಪ್ರತಿ ಮಳೆಗಾಲದಲ್ಲಿಯೂ ತಾಂಡಾ ನಿವಾಸಿಗಳಿಗೆ ರಸ್ತೆಯೇ ಬಹುದೊಡ್ಡ ಸಮಸ್ಯೆಯಾಗಿ ಕಾಡುತ್ತದೆ. ಸಂಬಂಧಪಟ್ಟ ಅಧಿಕಾರಿಗಳು ತಕ್ಷಣ ಕ್ರಮ ಕೈಗೊಳ್ಳಬೇಕು.

Bharat Vaibhav Daily is Printers, Publishers and Owned by Chief Editor N. Prashant Rao, Editor Ravsab N. Aihole. Published and Printed at Elegant Prints, #CTS No. 4834/3, Shiv Plaza, 2nd Floor, APMC Road,

Sadashiv Nagar, Belagavi - 590019. Mob: 9019229369, 9353057369, 0831-4202818. Karnataka State (India). New Delhi RNI Reg. No: KARBIL0/2013/51768, Postal Reg. No: PMG/KA/NK/BM/124/2023-25
